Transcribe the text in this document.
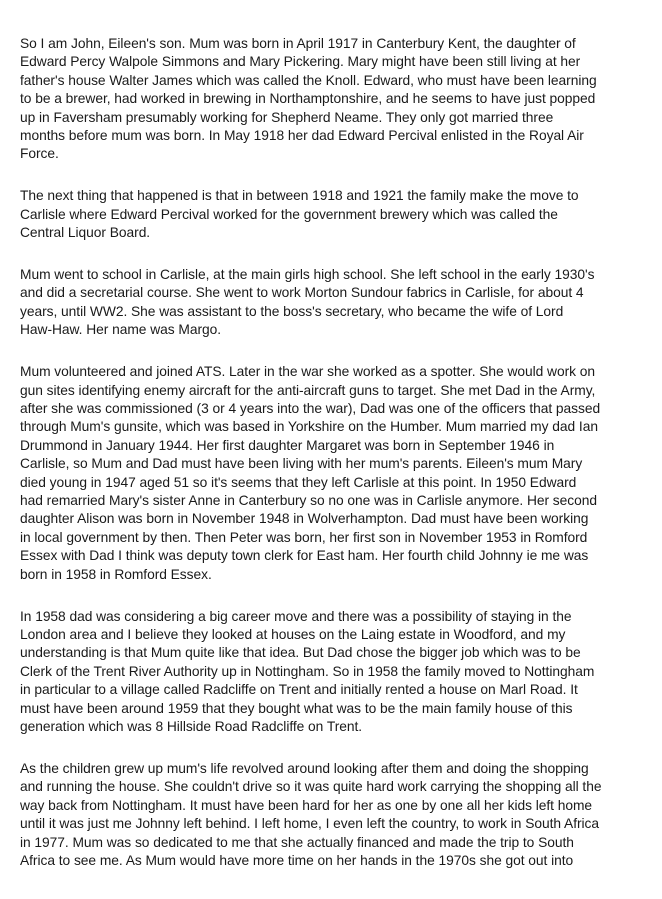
So I am John, Eileen's son. Mum was born in April 1917 in Canterbury Kent, the daughter of
Edward Percy Walpole Simmons and Mary Pickering. Mary might have been still living at her
father's house Walter James which was called the Knoll. Edward, who must have been learning
to be a brewer, had worked in brewing in Northamptonshire, and he seems to have just popped
up in Faversham presumably working for Shepherd Neame. They only got married three
months before mum was born. In May 1918 her dad Edward Percival enlisted in the Royal Air
Force.

The next thing that happened is that in between 1918 and 1921 the family make the move to
Carlisle where Edward Percival worked for the government brewery which was called the
Central Liquor Board.

Mum went to school in Carlisle, at the main girls high school. She left school in the early 1930's
and did a secretarial course. She went to work Morton Sundour fabrics in Carlisle, for about 4
years, until WW2. She was assistant to the boss's secretary, who became the wife of Lord
Haw-Haw. Her name was Margo.

Mum volunteered and joined ATS. Later in the war she worked as a spotter. She would work on
gun sites identifying enemy aircraft for the anti-aircraft guns to target. She met Dad in the Army,
after she was commissioned (3 or 4 years into the war), Dad was one of the officers that passed
through Mum's gunsite, which was based in Yorkshire on the Humber. Mum married my dad Ian
Drummond in January 1944. Her first daughter Margaret was born in September 1946 in
Carlisle, so Mum and Dad must have been living with her mum's parents. Eileen's mum Mary
died young in 1947 aged 51 so it's seems that they left Carlisle at this point. In 1950 Edward
had remarried Mary's sister Anne in Canterbury so no one was in Carlisle anymore. Her second
daughter Alison was born in November 1948 in Wolverhampton. Dad must have been working
in local government by then. Then Peter was born, her first son in November 1953 in Romford
Essex with Dad I think was deputy town clerk for East ham. Her fourth child Johnny ie me was
born in 1958 in Romford Essex.

In 1958 dad was considering a big career move and there was a possibility of staying in the
London area and I believe they looked at houses on the Laing estate in Woodford, and my
understanding is that Mum quite like that idea. But Dad chose the bigger job which was to be
Clerk of the Trent River Authority up in Nottingham. So in 1958 the family moved to Nottingham
in particular to a village called Radcliffe on Trent and initially rented a house on Marl Road. It
must have been around 1959 that they bought what was to be the main family house of this
generation which was 8 Hillside Road Radcliffe on Trent.

As the children grew up mum's life revolved around looking after them and doing the shopping
and running the house. She couldn't drive so it was quite hard work carrying the shopping all the
way back from Nottingham. It must have been hard for her as one by one all her kids left home
until it was just me Johnny left behind. I left home, I even left the country, to work in South Africa
in 1977. Mum was so dedicated to me that she actually financed and made the trip to South
Africa to see me. As Mum would have more time on her hands in the 1970s she got out into
